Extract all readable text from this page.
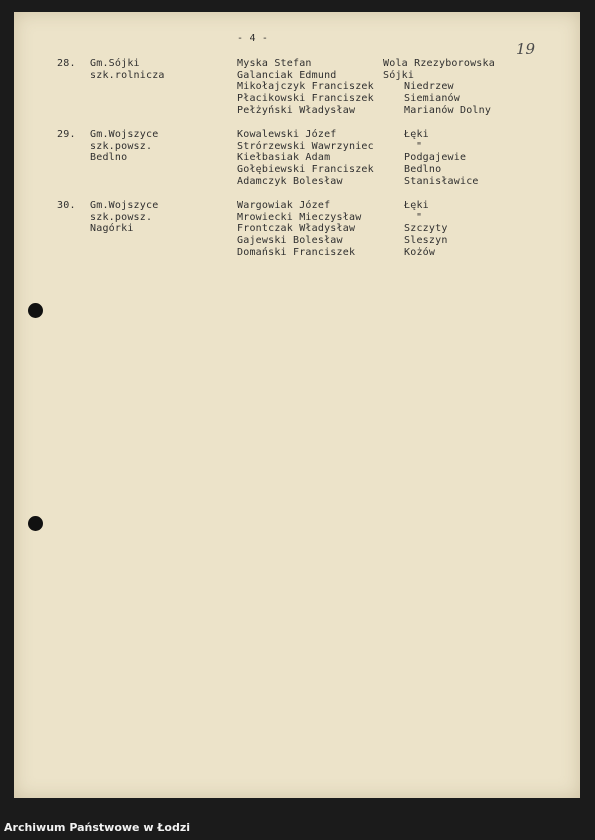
- 4 -
19
28. Gm.Sójki
szk.rolnicza
Myska Stefan
Galanciak Edmund
Mikołajczyk Franciszek
Płacikowski Franciszek
Pełżyński Władysław
Wola Rzezyborowska
Sójki
Niedrzew
Siemianów
Marianów Dolny
29. Gm.Wojszyce
szk.powsz.
Bedlno
Kowalewski Józef
Strórzewski Wawrzyniec
Kiełbasiak Adam
Gołębiewski Franciszek
Adamczyk Bolesław
Łęki
"
Podgajewie
Bedlno
Stanisławice
30. Gm.Wojszyce
szk.powsz.
Nagórki
Wargowiak Józef
Mrowiecki Mieczysław
Frontczak Władysław
Gajewski Bolesław
Domański Franciszek
Łęki
"
Szczyty
Sleszyn
Kożów
Archiwum Państwowe w Łodzi
